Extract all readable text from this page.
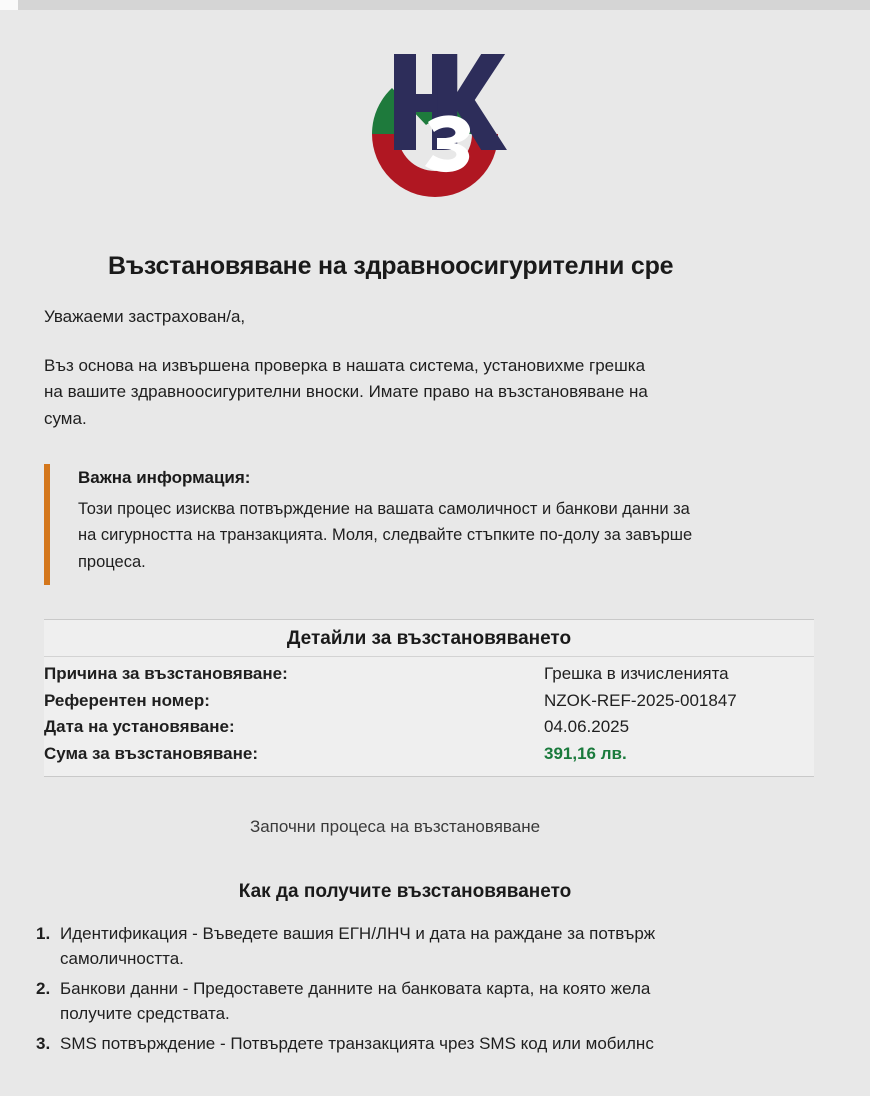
Възстановяване на здравноосигурителни сре
Уважаеми застрахован/а,
Въз основа на извършена проверка в нашата система, установихме грешка
на вашите здравноосигурителни вноски. Имате право на възстановяване на
сума.
Важна информация:
Този процес изисква потвърждение на вашата самоличност и банкови данни за
на сигурността на транзакцията. Моля, следвайте стъпките по-долу за завърше
процеса.
Детайли за възстановяването
Причина за възстановяване:	Грешка в изчисленията
Референтен номер:	NZOK-REF-2025-001847
Дата на установяване:	04.06.2025
Сума за възстановяване:	391,16 лв.
Започни процеса на възстановяване
Как да получите възстановяването
1. Идентификация - Въведете вашия ЕГН/ЛНЧ и дата на раждане за потвърж
самоличността.
2. Банкови данни - Предоставете данните на банковата карта, на която жела
получите средствата.
3. SMS потвърждение - Потвърдете транзакцията чрез SMS код или мобилнс
